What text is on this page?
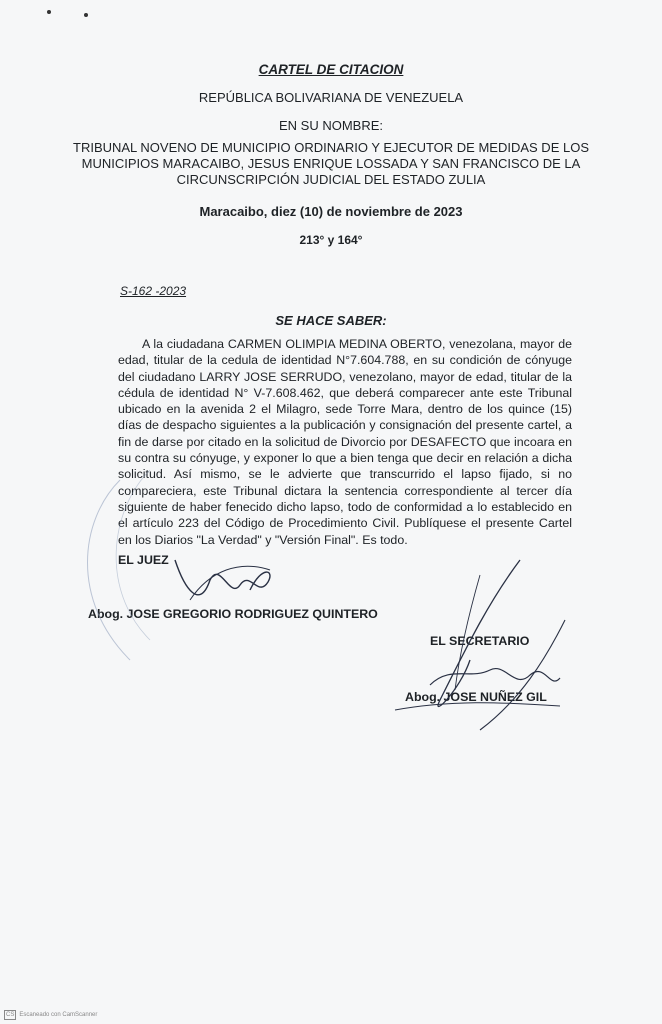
CARTEL DE CITACION
REPÚBLICA BOLIVARIANA DE VENEZUELA
EN SU NOMBRE:
TRIBUNAL NOVENO DE MUNICIPIO ORDINARIO Y EJECUTOR DE MEDIDAS DE LOS MUNICIPIOS MARACAIBO, JESUS ENRIQUE LOSSADA Y SAN FRANCISCO DE LA CIRCUNSCRIPCIÓN JUDICIAL DEL ESTADO ZULIA
Maracaibo, diez (10) de noviembre de 2023
213° y 164°
S-162 -2023
SE HACE SABER:
A la ciudadana CARMEN OLIMPIA MEDINA OBERTO, venezolana, mayor de edad, titular de la cedula de identidad N°7.604.788, en su condición de cónyuge del ciudadano LARRY JOSE SERRUDO, venezolano, mayor de edad, titular de la cédula de identidad N° V-7.608.462, que deberá comparecer ante este Tribunal ubicado en la avenida 2 el Milagro, sede Torre Mara, dentro de los quince (15) días de despacho siguientes a la publicación y consignación del presente cartel, a fin de darse por citado en la solicitud de Divorcio por DESAFECTO que incoara en su contra su cónyuge, y exponer lo que a bien tenga que decir en relación a dicha solicitud. Así mismo, se le advierte que transcurrido el lapso fijado, si no compareciera, este Tribunal dictara la sentencia correspondiente al tercer día siguiente de haber fenecido dicho lapso, todo de conformidad a lo establecido en el artículo 223 del Código de Procedimiento Civil. Publíquese el presente Cartel en los Diarios "La Verdad" y "Versión Final". Es todo.
EL JUEZ
Abog. JOSE GREGORIO RODRIGUEZ QUINTERO
EL SECRETARIO
Abog. JOSE NUÑEZ GIL
CS Escaneado con CamScanner
